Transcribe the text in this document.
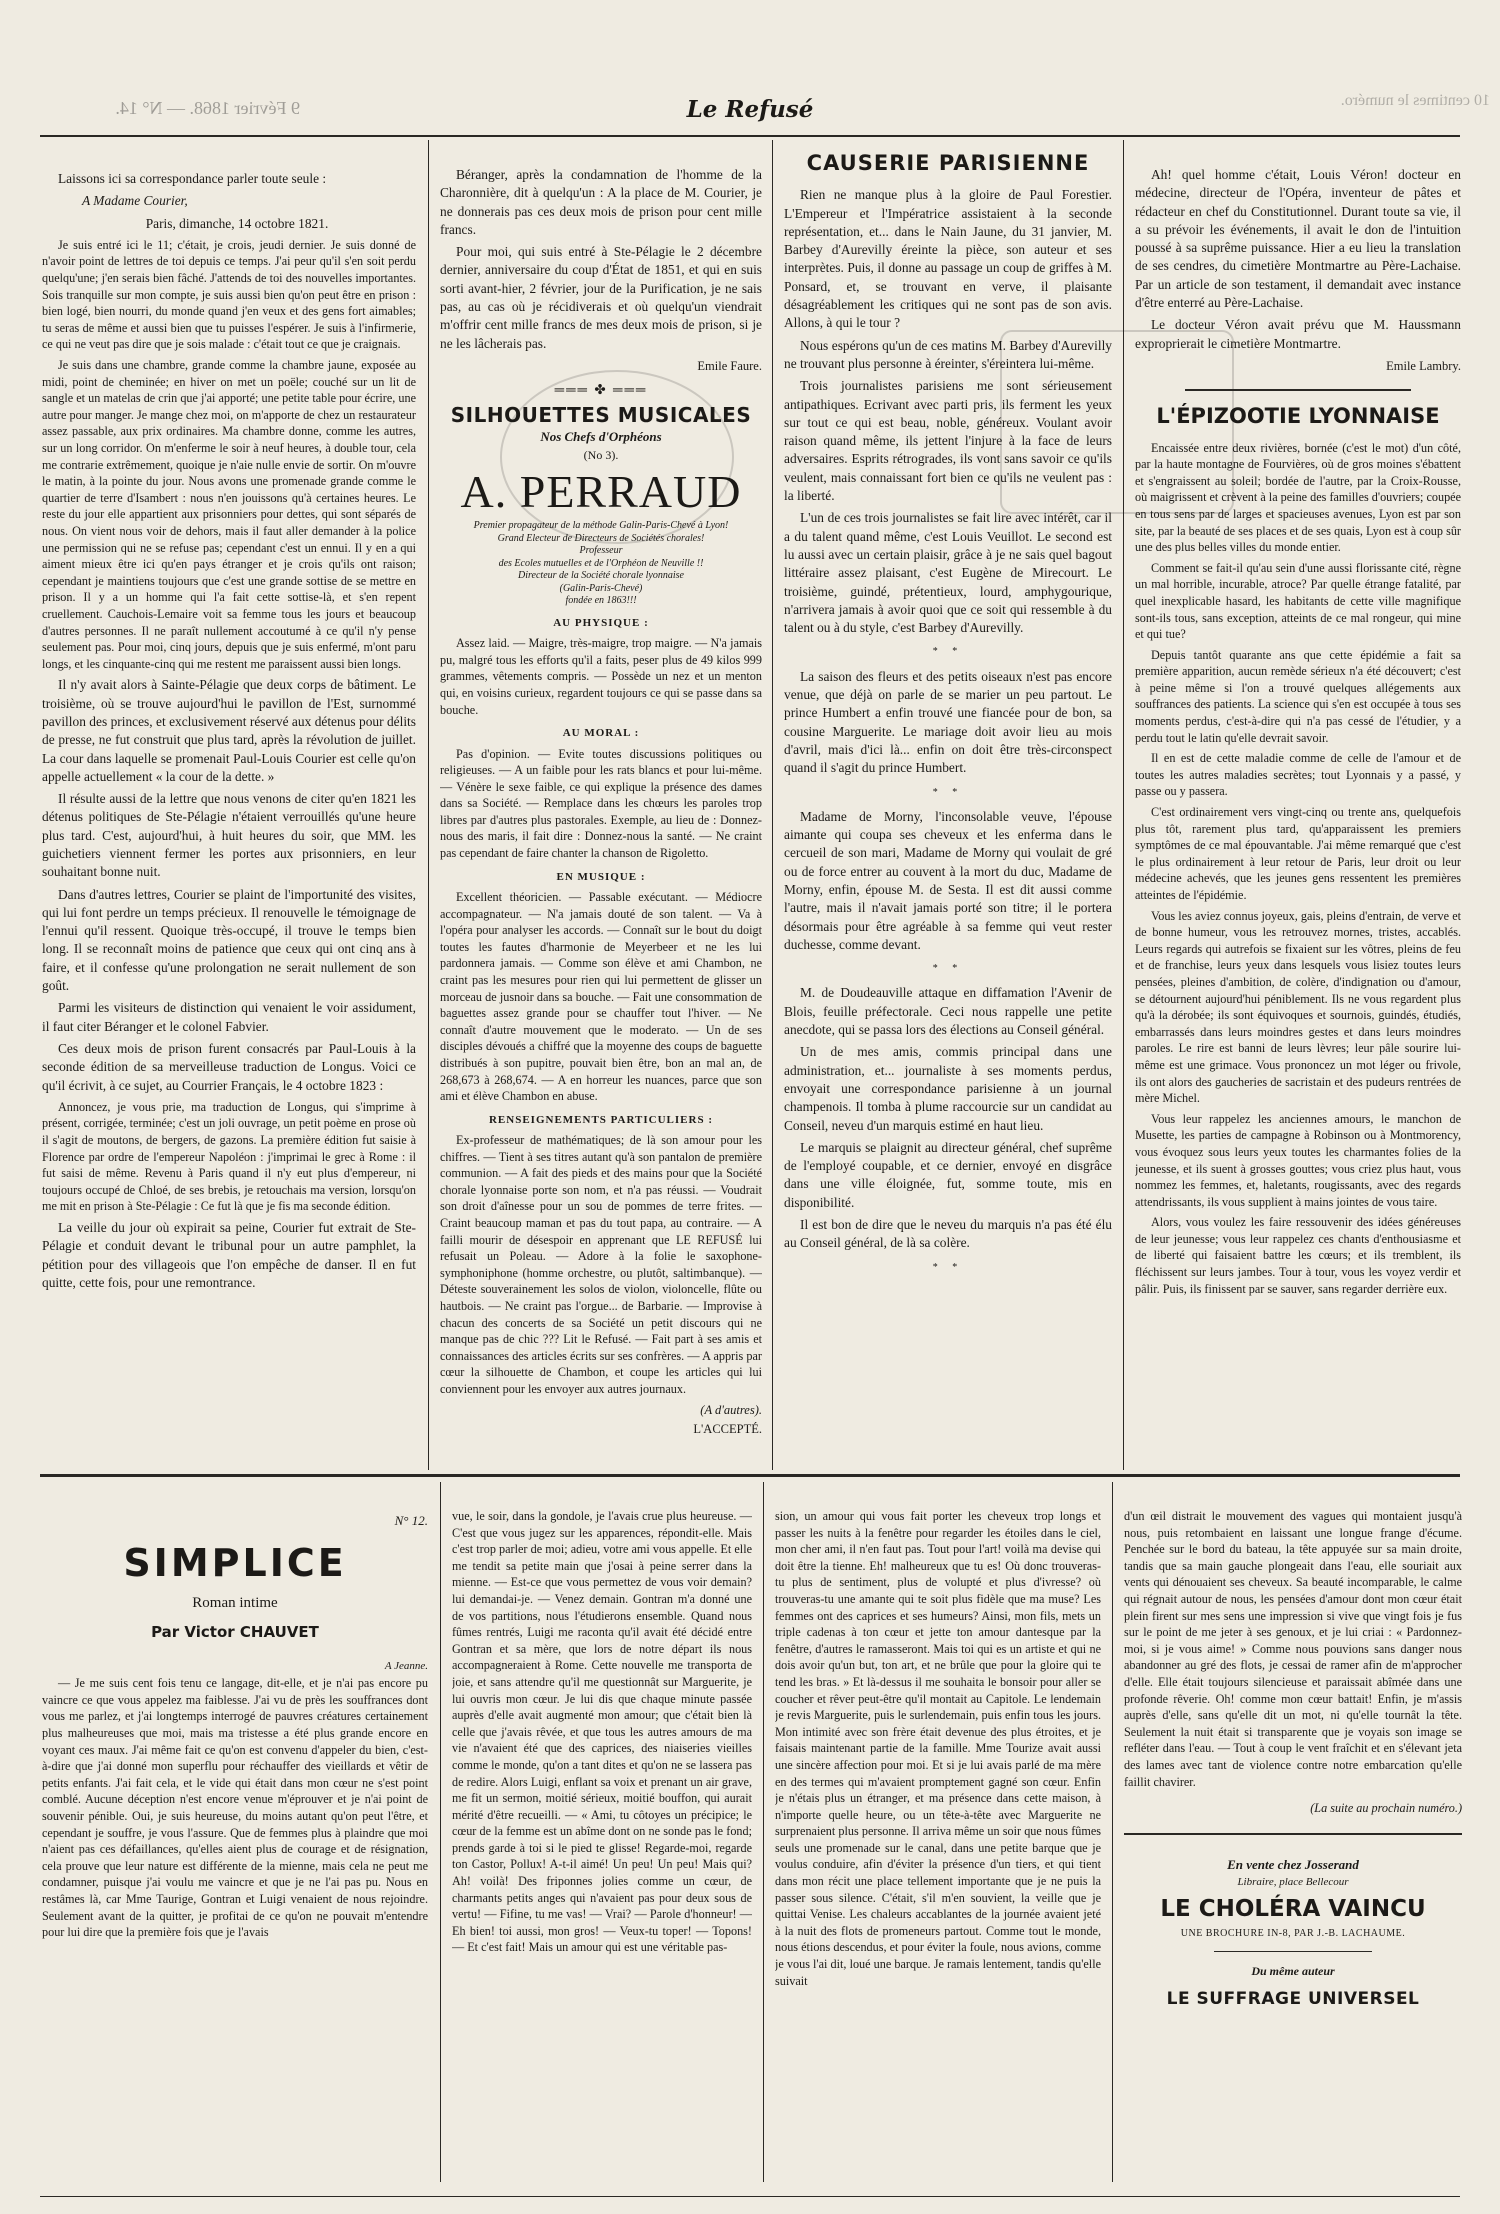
9 Février 1868. — N° 14.	Le Refusé	10 centimes le numéro.

Laissons ici sa correspondance parler toute seule :

A Madame Courier,

Paris, dimanche, 14 octobre 1821.

Je suis entré ici le 11; c'était, je crois, jeudi dernier. Je suis donné de n'avoir point de lettres de toi depuis ce temps. J'ai peur qu'il s'en soit perdu quelqu'une; j'en serais bien fâché. J'attends de toi des nouvelles importantes. Sois tranquille sur mon compte, je suis aussi bien qu'on peut être en prison : bien logé, bien nourri, du monde quand j'en veux et des gens fort aimables; tu seras de même et aussi bien que tu puisses l'espérer. Je suis à l'infirmerie, ce qui ne veut pas dire que je sois malade : c'était tout ce que je craignais.

Je suis dans une chambre, grande comme la chambre jaune, exposée au midi, point de cheminée; en hiver on met un poële; couché sur un lit de sangle et un matelas de crin que j'ai apporté; une petite table pour écrire, une autre pour manger. Je mange chez moi, on m'apporte de chez un restaurateur assez passable, aux prix ordinaires. Ma chambre donne, comme les autres, sur un long corridor. On m'enferme le soir à neuf heures, à double tour, cela me contrarie extrêmement, quoique je n'aie nulle envie de sortir. On m'ouvre le matin, à la pointe du jour. Nous avons une promenade grande comme le quartier de terre d'Isambert : nous n'en jouissons qu'à certaines heures. Le reste du jour elle appartient aux prisonniers pour dettes, qui sont séparés de nous. On vient nous voir de dehors, mais il faut aller demander à la police une permission qui ne se refuse pas; cependant c'est un ennui. Il y en a qui aiment mieux être ici qu'en pays étranger et je crois qu'ils ont raison; cependant je maintiens toujours que c'est une grande sottise de se mettre en prison. Il y a un homme qui l'a fait cette sottise-là, et s'en repent cruellement. Cauchois-Lemaire voit sa femme tous les jours et beaucoup d'autres personnes. Il ne paraît nullement accoutumé à ce qu'il n'y pense seulement pas. Pour moi, cinq jours, depuis que je suis enfermé, m'ont paru longs, et les cinquante-cinq qui me restent me paraissent aussi bien longs.

Il n'y avait alors à Sainte-Pélagie que deux corps de bâtiment. Le troisième, où se trouve aujourd'hui le pavillon de l'Est, surnommé pavillon des princes, et exclusivement réservé aux détenus pour délits de presse, ne fut construit que plus tard, après la révolution de juillet. La cour dans laquelle se promenait Paul-Louis Courier est celle qu'on appelle actuellement « la cour de la dette. »

Il résulte aussi de la lettre que nous venons de citer qu'en 1821 les détenus politiques de Ste-Pélagie n'étaient verrouillés qu'une heure plus tard. C'est, aujourd'hui, à huit heures du soir, que MM. les guichetiers viennent fermer les portes aux prisonniers, en leur souhaitant bonne nuit.

Dans d'autres lettres, Courier se plaint de l'importunité des visites, qui lui font perdre un temps précieux. Il renouvelle le témoignage de l'ennui qu'il ressent. Quoique très-occupé, il trouve le temps bien long. Il se reconnaît moins de patience que ceux qui ont cinq ans à faire, et il confesse qu'une prolongation ne serait nullement de son goût.

Parmi les visiteurs de distinction qui venaient le voir assidument, il faut citer Béranger et le colonel Fabvier.

Ces deux mois de prison furent consacrés par Paul-Louis à la seconde édition de sa merveilleuse traduction de Longus. Voici ce qu'il écrivit, à ce sujet, au Courrier Français, le 4 octobre 1823 :

Annoncez, je vous prie, ma traduction de Longus, qui s'imprime à présent, corrigée, terminée; c'est un joli ouvrage, un petit poème en prose où il s'agit de moutons, de bergers, de gazons. La première édition fut saisie à Florence par ordre de l'empereur Napoléon : j'imprimai le grec à Rome : il fut saisi de même. Revenu à Paris quand il n'y eut plus d'empereur, ni toujours occupé de Chloé, de ses brebis, je retouchais ma version, lorsqu'on me mit en prison à Ste-Pélagie : Ce fut là que je fis ma seconde édition.

La veille du jour où expirait sa peine, Courier fut extrait de Ste-Pélagie et conduit devant le tribunal pour un autre pamphlet, la pétition pour des villageois que l'on empêche de danser. Il en fut quitte, cette fois, pour une remontrance.

Béranger, après la condamnation de l'homme de la Charonnière, dit à quelqu'un : A la place de M. Courier, je ne donnerais pas ces deux mois de prison pour cent mille francs.

Pour moi, qui suis entré à Ste-Pélagie le 2 décembre dernier, anniversaire du coup d'État de 1851, et qui en suis sorti avant-hier, 2 février, jour de la Purification, je ne sais pas, au cas où je récidiverais et où quelqu'un viendrait m'offrir cent mille francs de mes deux mois de prison, si je ne les lâcherais pas.

Emile Faure.
═══ ✤ ═══
SILHOUETTES MUSICALES
Nos Chefs d'Orphéons
(No 3).
A. PERRAUD
Premier propagateur de la méthode Galin-Paris-Chevé à Lyon!
Grand Electeur de Directeurs de Sociétés chorales!
Professeur
des Ecoles mutuelles et de l'Orphéon de Neuville !!
Directeur de la Société chorale lyonnaise
(Galin-Paris-Chevé)
fondée en 1863!!!
AU PHYSIQUE :

Assez laid. — Maigre, très-maigre, trop maigre. — N'a jamais pu, malgré tous les efforts qu'il a faits, peser plus de 49 kilos 999 grammes, vêtements compris. — Possède un nez et un menton qui, en voisins curieux, regardent toujours ce qui se passe dans sa bouche.

AU MORAL :

Pas d'opinion. — Evite toutes discussions politiques ou religieuses. — A un faible pour les rats blancs et pour lui-même. — Vénère le sexe faible, ce qui explique la présence des dames dans sa Société. — Remplace dans les chœurs les paroles trop libres par d'autres plus pastorales. Exemple, au lieu de : Donnez-nous des maris, il fait dire : Donnez-nous la santé. — Ne craint pas cependant de faire chanter la chanson de Rigoletto.

EN MUSIQUE :

Excellent théoricien. — Passable exécutant. — Médiocre accompagnateur. — N'a jamais douté de son talent. — Va à l'opéra pour analyser les accords. — Connaît sur le bout du doigt toutes les fautes d'harmonie de Meyerbeer et ne les lui pardonnera jamais. — Comme son élève et ami Chambon, ne craint pas les mesures pour rien qui lui permettent de glisser un morceau de jusnoir dans sa bouche. — Fait une consommation de baguettes assez grande pour se chauffer tout l'hiver. — Ne connaît d'autre mouvement que le moderato. — Un de ses disciples dévoués a chiffré que la moyenne des coups de baguette distribués à son pupitre, pouvait bien être, bon an mal an, de 268,673 à 268,674. — A en horreur les nuances, parce que son ami et élève Chambon en abuse.

RENSEIGNEMENTS PARTICULIERS :

Ex-professeur de mathématiques; de là son amour pour les chiffres. — Tient à ses titres autant qu'à son pantalon de première communion. — A fait des pieds et des mains pour que la Société chorale lyonnaise porte son nom, et n'a pas réussi. — Voudrait son droit d'aînesse pour un sou de pommes de terre frites. — Craint beaucoup maman et pas du tout papa, au contraire. — A failli mourir de désespoir en apprenant que LE REFUSÉ lui refusait un Poleau. — Adore à la folie le saxophone-symphoniphone (homme orchestre, ou plutôt, saltimbanque). — Déteste souverainement les solos de violon, violoncelle, flûte ou hautbois. — Ne craint pas l'orgue... de Barbarie. — Improvise à chacun des concerts de sa Société un petit discours qui ne manque pas de chic ??? Lit le Refusé. — Fait part à ses amis et connaissances des articles écrits sur ses confrères. — A appris par cœur la silhouette de Chambon, et coupe les articles qui lui conviennent pour les envoyer aux autres journaux.

(A d'autres).
L'ACCEPTÉ.
CAUSERIE PARISIENNE

Rien ne manque plus à la gloire de Paul Forestier. L'Empereur et l'Impératrice assistaient à la seconde représentation, et... dans le Nain Jaune, du 31 janvier, M. Barbey d'Aurevilly éreinte la pièce, son auteur et ses interprètes. Puis, il donne au passage un coup de griffes à M. Ponsard, et, se trouvant en verve, il plaisante désagréablement les critiques qui ne sont pas de son avis. Allons, à qui le tour ?

Nous espérons qu'un de ces matins M. Barbey d'Aurevilly ne trouvant plus personne à éreinter, s'éreintera lui-même.

Trois journalistes parisiens me sont sérieusement antipathiques. Ecrivant avec parti pris, ils ferment les yeux sur tout ce qui est beau, noble, généreux. Voulant avoir raison quand même, ils jettent l'injure à la face de leurs adversaires. Esprits rétrogrades, ils vont sans savoir ce qu'ils veulent, mais connaissant fort bien ce qu'ils ne veulent pas : la liberté.

L'un de ces trois journalistes se fait lire avec intérêt, car il a du talent quand même, c'est Louis Veuillot. Le second est lu aussi avec un certain plaisir, grâce à je ne sais quel bagout littéraire assez plaisant, c'est Eugène de Mirecourt. Le troisième, guindé, prétentieux, lourd, amphygourique, n'arrivera jamais à avoir quoi que ce soit qui ressemble à du talent ou à du style, c'est Barbey d'Aurevilly.

* *

La saison des fleurs et des petits oiseaux n'est pas encore venue, que déjà on parle de se marier un peu partout. Le prince Humbert a enfin trouvé une fiancée pour de bon, sa cousine Marguerite. Le mariage doit avoir lieu au mois d'avril, mais d'ici là... enfin on doit être très-circonspect quand il s'agit du prince Humbert.

* *

Madame de Morny, l'inconsolable veuve, l'épouse aimante qui coupa ses cheveux et les enferma dans le cercueil de son mari, Madame de Morny qui voulait de gré ou de force entrer au couvent à la mort du duc, Madame de Morny, enfin, épouse M. de Sesta. Il est dit aussi comme l'autre, mais il n'avait jamais porté son titre; il le portera désormais pour être agréable à sa femme qui veut rester duchesse, comme devant.

* *

M. de Doudeauville attaque en diffamation l'Avenir de Blois, feuille préfectorale. Ceci nous rappelle une petite anecdote, qui se passa lors des élections au Conseil général.

Un de mes amis, commis principal dans une administration, et... journaliste à ses moments perdus, envoyait une correspondance parisienne à un journal champenois. Il tomba à plume raccourcie sur un candidat au Conseil, neveu d'un marquis estimé en haut lieu.

Le marquis se plaignit au directeur général, chef suprême de l'employé coupable, et ce dernier, envoyé en disgrâce dans une ville éloignée, fut, somme toute, mis en disponibilité.

Il est bon de dire que le neveu du marquis n'a pas été élu au Conseil général, de là sa colère.

* *

Ah! quel homme c'était, Louis Véron! docteur en médecine, directeur de l'Opéra, inventeur de pâtes et rédacteur en chef du Constitutionnel. Durant toute sa vie, il a su prévoir les événements, il avait le don de l'intuition poussé à sa suprême puissance. Hier a eu lieu la translation de ses cendres, du cimetière Montmartre au Père-Lachaise. Par un article de son testament, il demandait avec instance d'être enterré au Père-Lachaise.

Le docteur Véron avait prévu que M. Haussmann exproprierait le cimetière Montmartre.

Emile Lambry.
L'ÉPIZOOTIE LYONNAISE

Encaissée entre deux rivières, bornée (c'est le mot) d'un côté, par la haute montagne de Fourvières, où de gros moines s'ébattent et s'engraissent au soleil; bordée de l'autre, par la Croix-Rousse, où maigrissent et crèvent à la peine des familles d'ouvriers; coupée en tous sens par de larges et spacieuses avenues, Lyon est par son site, par la beauté de ses places et de ses quais, Lyon est à coup sûr une des plus belles villes du monde entier.

Comment se fait-il qu'au sein d'une aussi florissante cité, règne un mal horrible, incurable, atroce? Par quelle étrange fatalité, par quel inexplicable hasard, les habitants de cette ville magnifique sont-ils tous, sans exception, atteints de ce mal rongeur, qui mine et qui tue?

Depuis tantôt quarante ans que cette épidémie a fait sa première apparition, aucun remède sérieux n'a été découvert; c'est à peine même si l'on a trouvé quelques allégements aux souffrances des patients. La science qui s'en est occupée à tous ses moments perdus, c'est-à-dire qui n'a pas cessé de l'étudier, y a perdu tout le latin qu'elle devrait savoir.

Il en est de cette maladie comme de celle de l'amour et de toutes les autres maladies secrètes; tout Lyonnais y a passé, y passe ou y passera.

C'est ordinairement vers vingt-cinq ou trente ans, quelquefois plus tôt, rarement plus tard, qu'apparaissent les premiers symptômes de ce mal épouvantable. J'ai même remarqué que c'est le plus ordinairement à leur retour de Paris, leur droit ou leur médecine achevés, que les jeunes gens ressentent les premières atteintes de l'épidémie.

Vous les aviez connus joyeux, gais, pleins d'entrain, de verve et de bonne humeur, vous les retrouvez mornes, tristes, accablés. Leurs regards qui autrefois se fixaient sur les vôtres, pleins de feu et de franchise, leurs yeux dans lesquels vous lisiez toutes leurs pensées, pleines d'ambition, de colère, d'indignation ou d'amour, se détournent aujourd'hui péniblement. Ils ne vous regardent plus qu'à la dérobée; ils sont équivoques et sournois, guindés, étudiés, embarrassés dans leurs moindres gestes et dans leurs moindres paroles. Le rire est banni de leurs lèvres; leur pâle sourire lui-même est une grimace. Vous prononcez un mot léger ou frivole, ils ont alors des gaucheries de sacristain et des pudeurs rentrées de mère Michel.

Vous leur rappelez les anciennes amours, le manchon de Musette, les parties de campagne à Robinson ou à Montmorency, vous évoquez sous leurs yeux toutes les charmantes folies de la jeunesse, et ils suent à grosses gouttes; vous criez plus haut, vous nommez les femmes, et, haletants, rougissants, avec des regards attendrissants, ils vous supplient à mains jointes de vous taire.

Alors, vous voulez les faire ressouvenir des idées généreuses de leur jeunesse; vous leur rappelez ces chants d'enthousiasme et de liberté qui faisaient battre les cœurs; et ils tremblent, ils fléchissent sur leurs jambes. Tour à tour, vous les voyez verdir et pâlir. Puis, ils finissent par se sauver, sans regarder derrière eux.

N° 12.
SIMPLICE
Roman intime
Par Victor CHAUVET
A Jeanne.

— Je me suis cent fois tenu ce langage, dit-elle, et je n'ai pas encore pu vaincre ce que vous appelez ma faiblesse. J'ai vu de près les souffrances dont vous me parlez, et j'ai longtemps interrogé de pauvres créatures certainement plus malheureuses que moi, mais ma tristesse a été plus grande encore en voyant ces maux. J'ai même fait ce qu'on est convenu d'appeler du bien, c'est-à-dire que j'ai donné mon superflu pour réchauffer des vieillards et vêtir de petits enfants. J'ai fait cela, et le vide qui était dans mon cœur ne s'est point comblé. Aucune déception n'est encore venue m'éprouver et je n'ai point de souvenir pénible. Oui, je suis heureuse, du moins autant qu'on peut l'être, et cependant je souffre, je vous l'assure. Que de femmes plus à plaindre que moi n'aient pas ces défaillances, qu'elles aient plus de courage et de résignation, cela prouve que leur nature est différente de la mienne, mais cela ne peut me condamner, puisque j'ai voulu me vaincre et que je ne l'ai pas pu. Nous en restâmes là, car Mme Taurige, Gontran et Luigi venaient de nous rejoindre. Seulement avant de la quitter, je profitai de ce qu'on ne pouvait m'entendre pour lui dire que la première fois que je l'avais

vue, le soir, dans la gondole, je l'avais crue plus heureuse. — C'est que vous jugez sur les apparences, répondit-elle. Mais c'est trop parler de moi; adieu, votre ami vous appelle. Et elle me tendit sa petite main que j'osai à peine serrer dans la mienne. — Est-ce que vous permettez de vous voir demain? lui demandai-je. — Venez demain. Gontran m'a donné une de vos partitions, nous l'étudierons ensemble. Quand nous fûmes rentrés, Luigi me raconta qu'il avait été décidé entre Gontran et sa mère, que lors de notre départ ils nous accompagneraient à Rome. Cette nouvelle me transporta de joie, et sans attendre qu'il me questionnât sur Marguerite, je lui ouvris mon cœur. Je lui dis que chaque minute passée auprès d'elle avait augmenté mon amour; que c'était bien là celle que j'avais rêvée, et que tous les autres amours de ma vie n'avaient été que des caprices, des niaiseries vieilles comme le monde, qu'on a tant dites et qu'on ne se lassera pas de redire. Alors Luigi, enflant sa voix et prenant un air grave, me fit un sermon, moitié sérieux, moitié bouffon, qui aurait mérité d'être recueilli. — « Ami, tu côtoyes un précipice; le cœur de la femme est un abîme dont on ne sonde pas le fond; prends garde à toi si le pied te glisse! Regarde-moi, regarde ton Castor, Pollux! A-t-il aimé! Un peu! Un peu! Mais qui? Ah! voilà! Des friponnes jolies comme un cœur, de charmants petits anges qui n'avaient pas pour deux sous de vertu! — Fifine, tu me vas! — Vrai? — Parole d'honneur! — Eh bien! toi aussi, mon gros! — Veux-tu toper! — Topons! — Et c'est fait! Mais un amour qui est une véritable pas-

sion, un amour qui vous fait porter les cheveux trop longs et passer les nuits à la fenêtre pour regarder les étoiles dans le ciel, mon cher ami, il n'en faut pas. Tout pour l'art! voilà ma devise qui doit être la tienne. Eh! malheureux que tu es! Où donc trouveras-tu plus de sentiment, plus de volupté et plus d'ivresse? où trouveras-tu une amante qui te soit plus fidèle que ma muse? Les femmes ont des caprices et ses humeurs? Ainsi, mon fils, mets un triple cadenas à ton cœur et jette ton amour dantesque par la fenêtre, d'autres le ramasseront. Mais toi qui es un artiste et qui ne dois avoir qu'un but, ton art, et ne brûle que pour la gloire qui te tend les bras. » Et là-dessus il me souhaita le bonsoir pour aller se coucher et rêver peut-être qu'il montait au Capitole. Le lendemain je revis Marguerite, puis le surlendemain, puis enfin tous les jours. Mon intimité avec son frère était devenue des plus étroites, et je faisais maintenant partie de la famille. Mme Tourize avait aussi une sincère affection pour moi. Et si je lui avais parlé de ma mère en des termes qui m'avaient promptement gagné son cœur. Enfin je n'étais plus un étranger, et ma présence dans cette maison, à n'importe quelle heure, ou un tête-à-tête avec Marguerite ne surprenaient plus personne. Il arriva même un soir que nous fûmes seuls une promenade sur le canal, dans une petite barque que je voulus conduire, afin d'éviter la présence d'un tiers, et qui tient dans mon récit une place tellement importante que je ne puis la passer sous silence. C'était, s'il m'en souvient, la veille que je quittai Venise. Les chaleurs accablantes de la journée avaient jeté à la nuit des flots de promeneurs partout. Comme tout le monde, nous étions descendus, et pour éviter la foule, nous avions, comme je vous l'ai dit, loué une barque. Je ramais lentement, tandis qu'elle suivait

d'un œil distrait le mouvement des vagues qui montaient jusqu'à nous, puis retombaient en laissant une longue frange d'écume. Penchée sur le bord du bateau, la tête appuyée sur sa main droite, tandis que sa main gauche plongeait dans l'eau, elle souriait aux vents qui dénouaient ses cheveux. Sa beauté incomparable, le calme qui régnait autour de nous, les pensées d'amour dont mon cœur était plein firent sur mes sens une impression si vive que vingt fois je fus sur le point de me jeter à ses genoux, et je lui criai : « Pardonnez-moi, si je vous aime! » Comme nous pouvions sans danger nous abandonner au gré des flots, je cessai de ramer afin de m'approcher d'elle. Elle était toujours silencieuse et paraissait abîmée dans une profonde rêverie. Oh! comme mon cœur battait! Enfin, je m'assis auprès d'elle, sans qu'elle dit un mot, ni qu'elle tournât la tête. Seulement la nuit était si transparente que je voyais son image se refléter dans l'eau. — Tout à coup le vent fraîchit et en s'élevant jeta des lames avec tant de violence contre notre embarcation qu'elle faillit chavirer.

(La suite au prochain numéro.)
En vente chez Josserand
Libraire, place Bellecour
LE CHOLÉRA VAINCU
UNE BROCHURE IN-8, PAR J.-B. LACHAUME.
Du même auteur
LE SUFFRAGE UNIVERSEL
